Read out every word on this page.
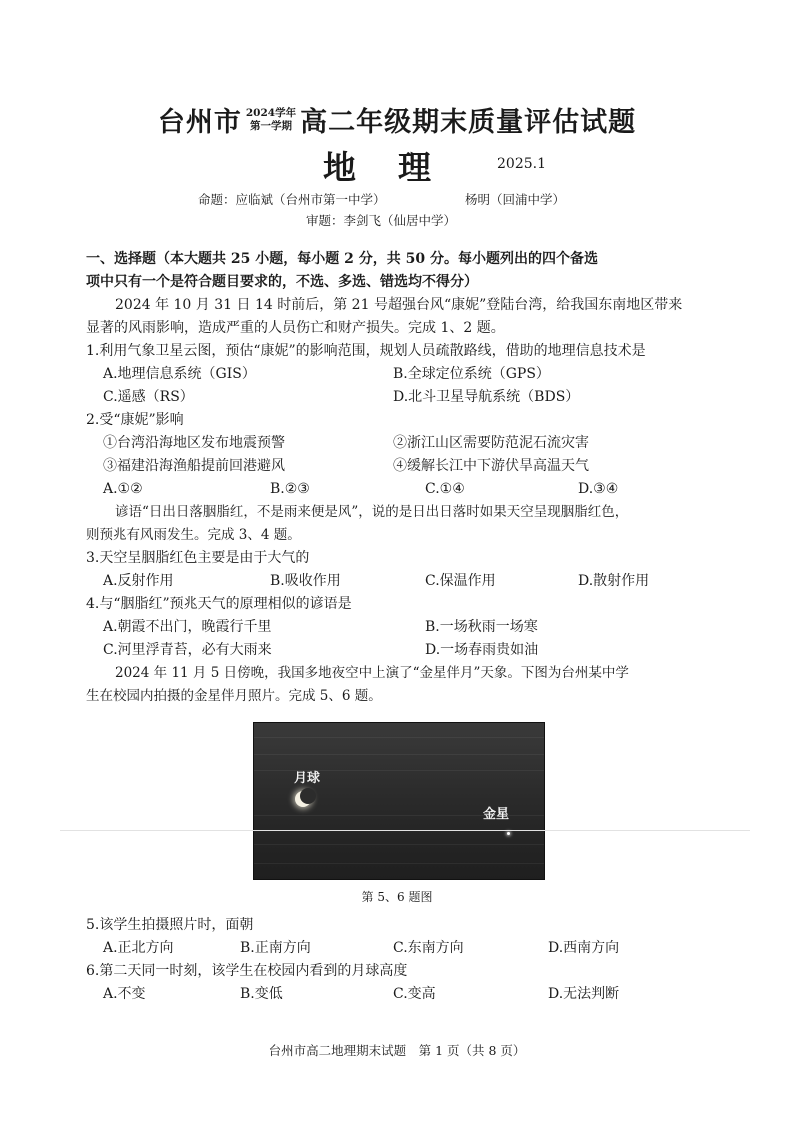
台州市 2024学年
第一学期 高二年级期末质量评估试题
地理 2025.1
命题：应临斌（台州市第一中学）	杨明（回浦中学）
审题：李剑飞（仙居中学）
一、选择题（本大题共 25 小题，每小题 2 分，共 50 分。每小题列出的四个备选
项中只有一个是符合题目要求的，不选、多选、错选均不得分）
2024 年 10 月 31 日 14 时前后，第 21 号超强台风“康妮”登陆台湾，给我国东南地区带来
显著的风雨影响，造成严重的人员伤亡和财产损失。完成 1、2 题。
1.利用气象卫星云图，预估“康妮”的影响范围，规划人员疏散路线，借助的地理信息技术是
A.地理信息系统（GIS）	B.全球定位系统（GPS）
C.遥感（RS）	D.北斗卫星导航系统（BDS）
2.受“康妮”影响
①台湾沿海地区发布地震预警	②浙江山区需要防范泥石流灾害
③福建沿海渔船提前回港避风	④缓解长江中下游伏旱高温天气
A.①②	B.②③	C.①④	D.③④
谚语“日出日落胭脂红，不是雨来便是风”，说的是日出日落时如果天空呈现胭脂红色，
则预兆有风雨发生。完成 3、4 题。
3.天空呈胭脂红色主要是由于大气的
A.反射作用	B.吸收作用	C.保温作用	D.散射作用
4.与“胭脂红”预兆天气的原理相似的谚语是
A.朝霞不出门，晚霞行千里	B.一场秋雨一场寒
C.河里浮青苔，必有大雨来	D.一场春雨贵如油
2024 年 11 月 5 日傍晚，我国多地夜空中上演了“金星伴月”天象。下图为台州某中学
生在校园内拍摄的金星伴月照片。完成 5、6 题。
月球
金星
第 5、6 题图
5.该学生拍摄照片时，面朝
A.正北方向	B.正南方向	C.东南方向	D.西南方向
6.第二天同一时刻，该学生在校园内看到的月球高度
A.不变	B.变低	C.变高	D.无法判断
台州市高二地理期末试题　第 1 页（共 8 页）
